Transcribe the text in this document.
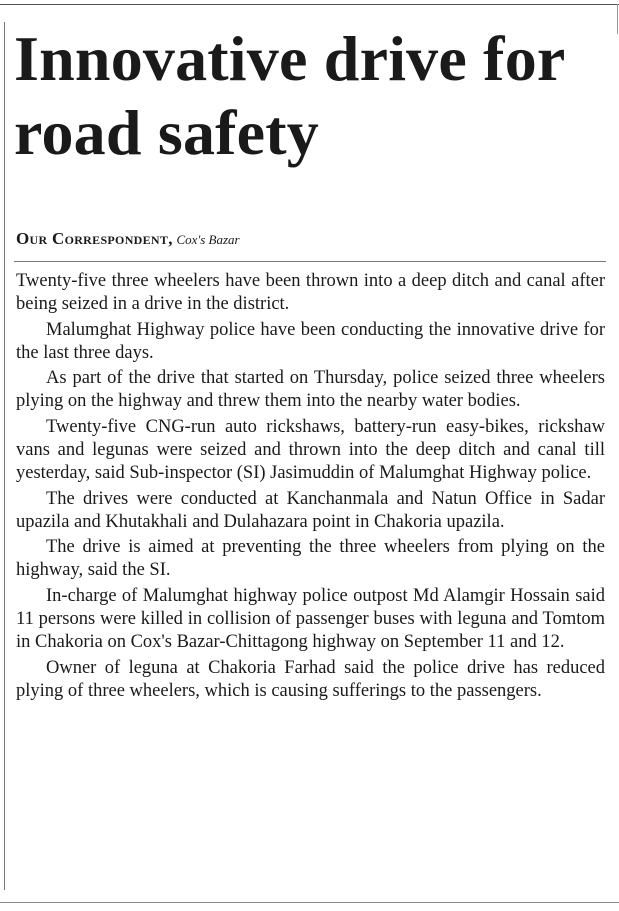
Innovative drive for road safety
Our Correspondent, Cox's Bazar

Twenty-five three wheelers have been thrown into a deep ditch and canal after being seized in a drive in the district.

Malumghat Highway police have been conducting the innovative drive for the last three days.

As part of the drive that started on Thursday, police seized three wheelers plying on the highway and threw them into the nearby water bodies.

Twenty-five CNG-run auto rickshaws, battery-run easy-bikes, rickshaw vans and legunas were seized and thrown into the deep ditch and canal till yesterday, said Sub-inspector (SI) Jasimuddin of Malumghat Highway police.

The drives were conducted at Kanchanmala and Natun Office in Sadar upazila and Khutakhali and Dulahazara point in Chakoria upazila.

The drive is aimed at preventing the three wheelers from plying on the highway, said the SI.

In-charge of Malumghat highway police outpost Md Alamgir Hossain said 11 persons were killed in collision of passenger buses with leguna and Tomtom in Chakoria on Cox's Bazar-Chittagong highway on September 11 and 12.

Owner of leguna at Chakoria Farhad said the police drive has reduced plying of three wheelers, which is causing sufferings to the passengers.
